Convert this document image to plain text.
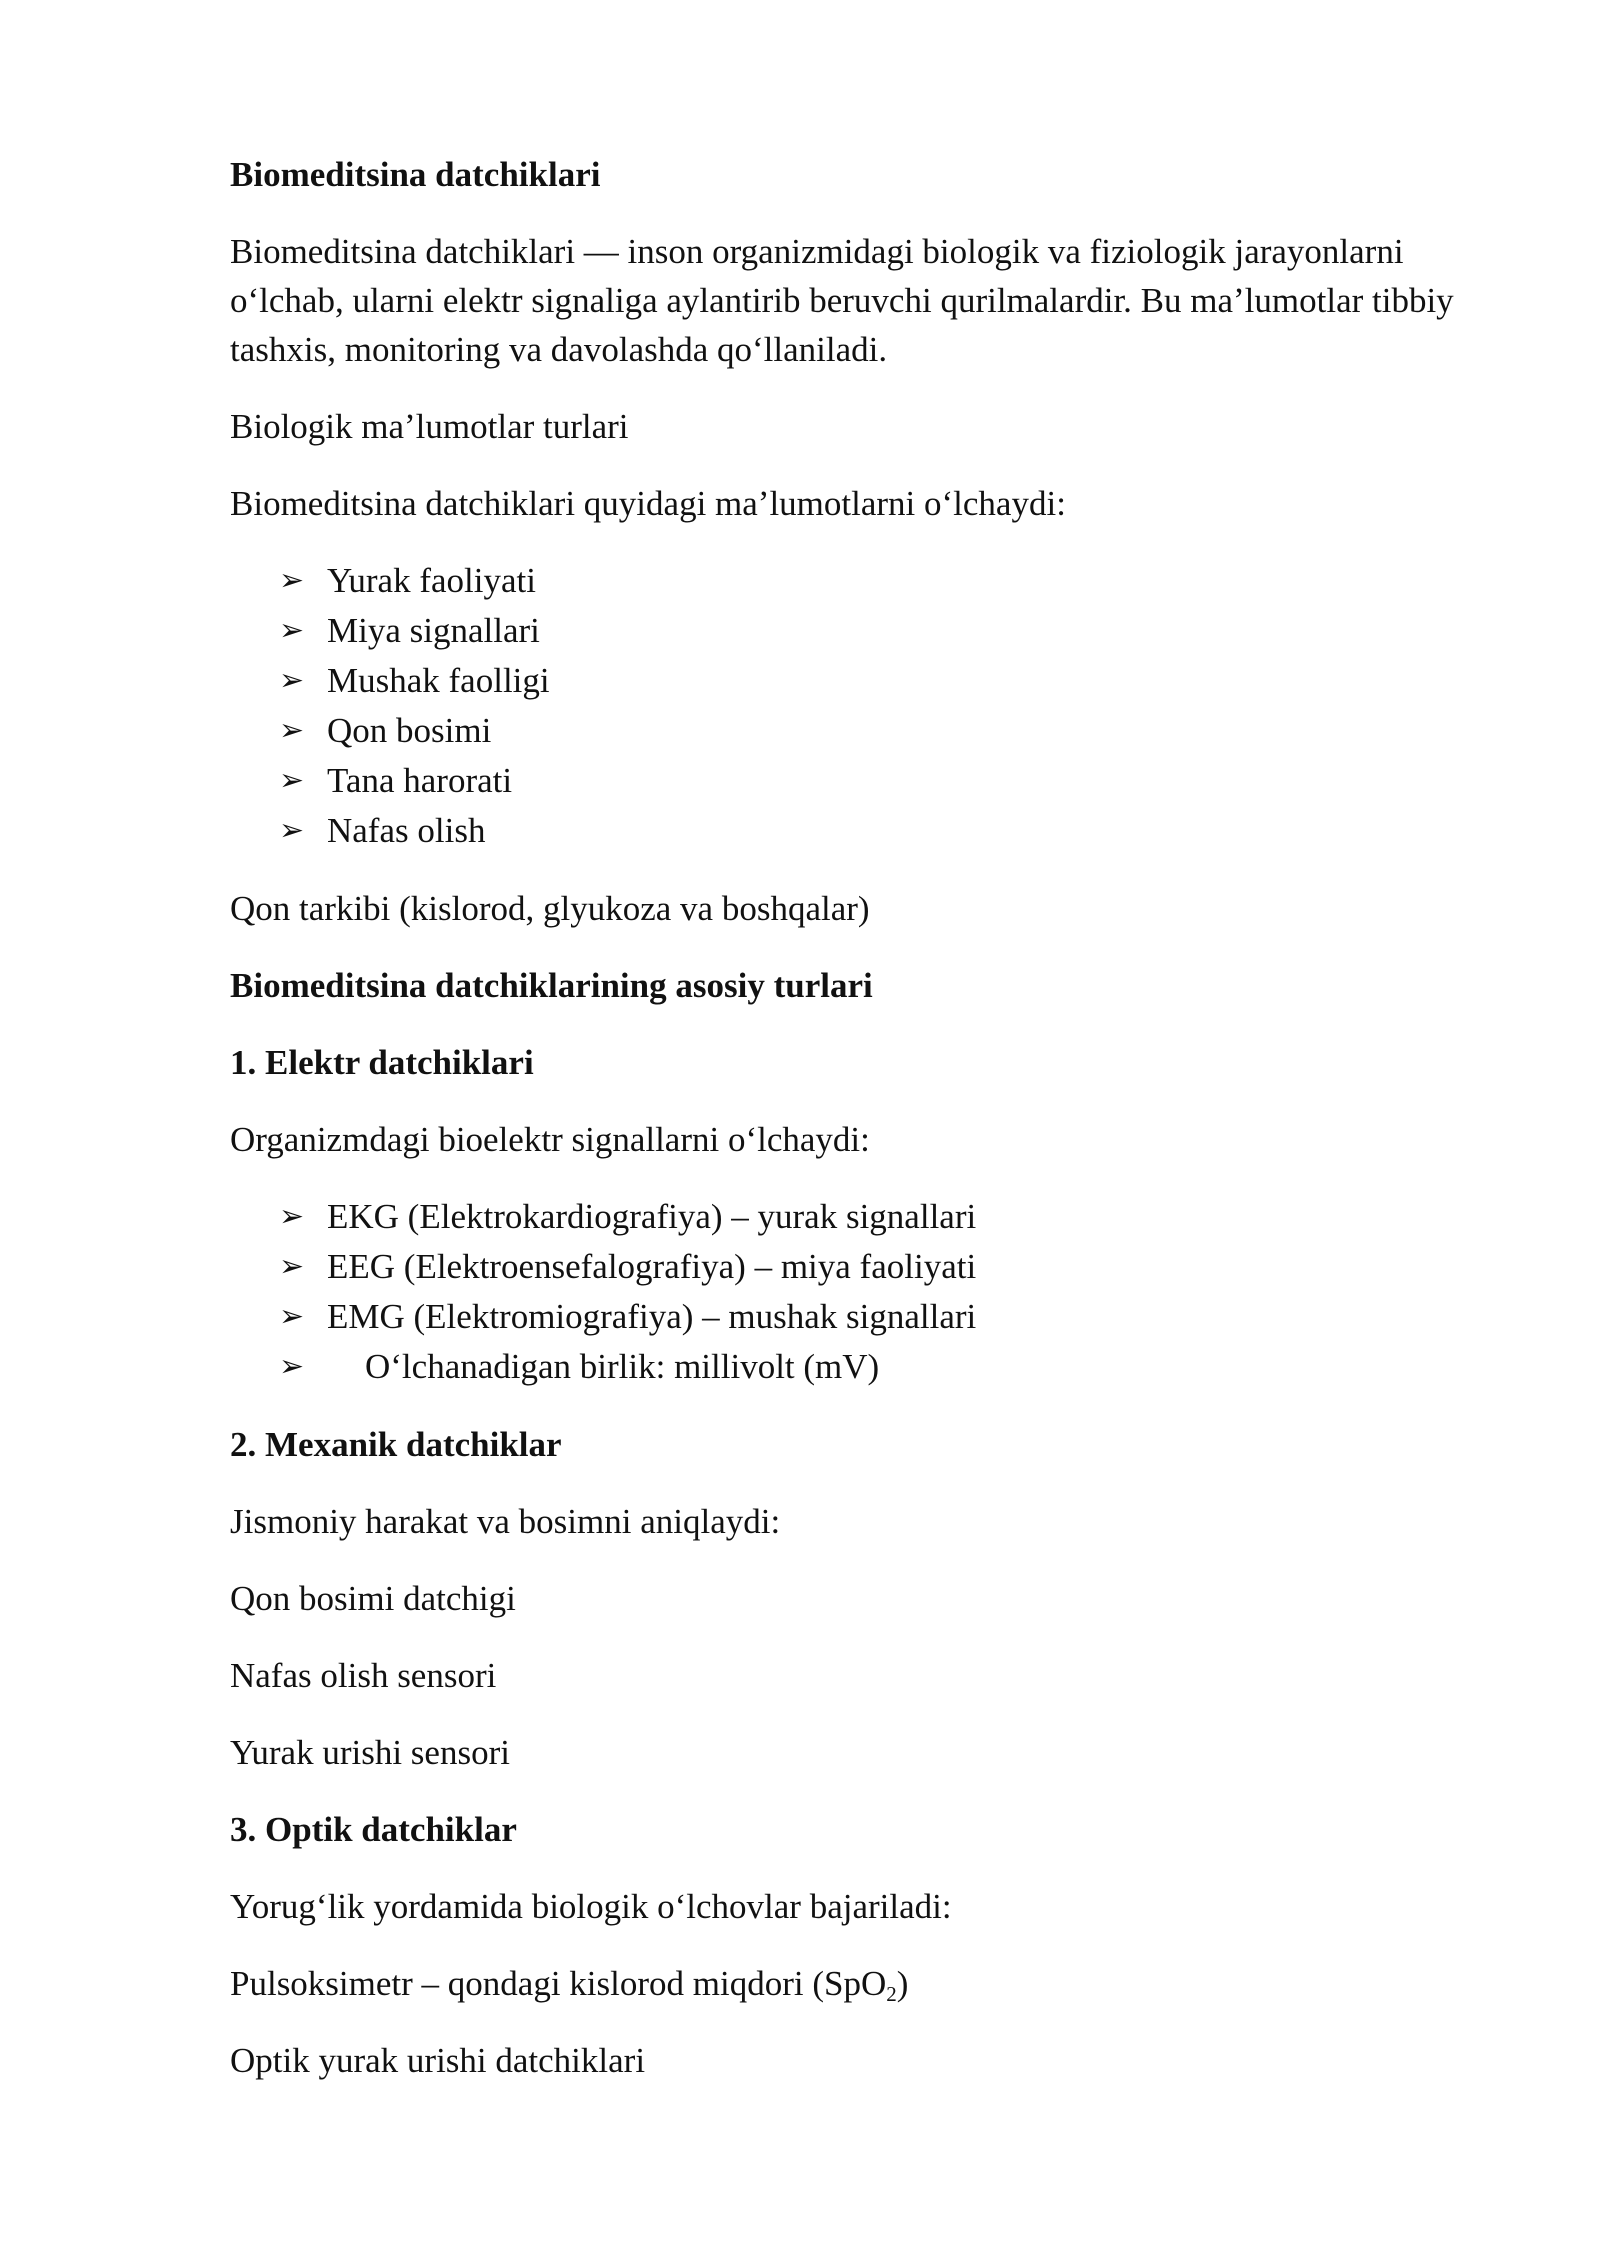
Biomeditsina datchiklari

Biomeditsina datchiklari — inson organizmidagi biologik va fiziologik jarayonlarni oʻlchab, ularni elektr signaliga aylantirib beruvchi qurilmalardir. Bu maʼlumotlar tibbiy tashxis, monitoring va davolashda qoʻllaniladi.

Biologik maʼlumotlar turlari

Biomeditsina datchiklari quyidagi maʼlumotlarni oʻlchaydi:

➢ Yurak faoliyati
➢ Miya signallari
➢ Mushak faolligi
➢ Qon bosimi
➢ Tana harorati
➢ Nafas olish

Qon tarkibi (kislorod, glyukoza va boshqalar)

Biomeditsina datchiklarining asosiy turlari

1. Elektr datchiklari

Organizmdagi bioelektr signallarni oʻlchaydi:

➢ EKG (Elektrokardiografiya) – yurak signallari
➢ EEG (Elektroensefalografiya) – miya faoliyati
➢ EMG (Elektromiografiya) – mushak signallari
➢ Oʻlchanadigan birlik: millivolt (mV)

2. Mexanik datchiklar

Jismoniy harakat va bosimni aniqlaydi:

Qon bosimi datchigi

Nafas olish sensori

Yurak urishi sensori

3. Optik datchiklar

Yorugʻlik yordamida biologik oʻlchovlar bajariladi:

Pulsoksimetr – qondagi kislorod miqdori (SpO$_2$)

Optik yurak urishi datchiklari
